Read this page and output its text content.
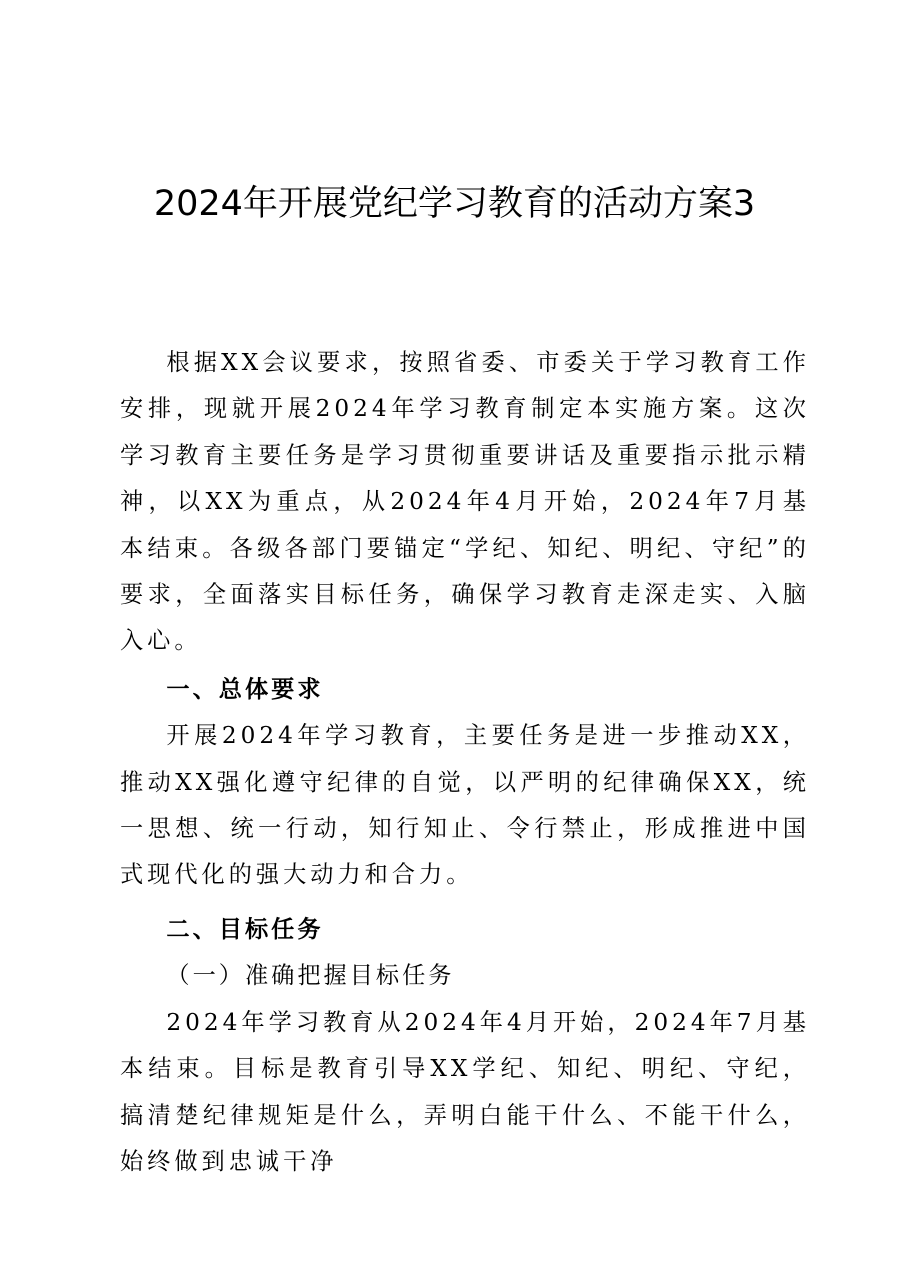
2024年开展党纪学习教育的活动方案3

根据XX会议要求，按照省委、市委关于学习教育工作安排，现就开展2024年学习教育制定本实施方案。这次学习教育主要任务是学习贯彻重要讲话及重要指示批示精神，以XX为重点，从2024年4月开始，2024年7月基本结束。各级各部门要锚定“学纪、知纪、明纪、守纪”的要求，全面落实目标任务，确保学习教育走深走实、入脑入心。

一、总体要求

开展2024年学习教育，主要任务是进一步推动XX，推动XX强化遵守纪律的自觉，以严明的纪律确保XX，统一思想、统一行动，知行知止、令行禁止，形成推进中国式现代化的强大动力和合力。

二、目标任务

（一）准确把握目标任务

2024年学习教育从2024年4月开始，2024年7月基本结束。目标是教育引导XX学纪、知纪、明纪、守纪，搞清楚纪律规矩是什么，弄明白能干什么、不能干什么，始终做到忠诚干净
